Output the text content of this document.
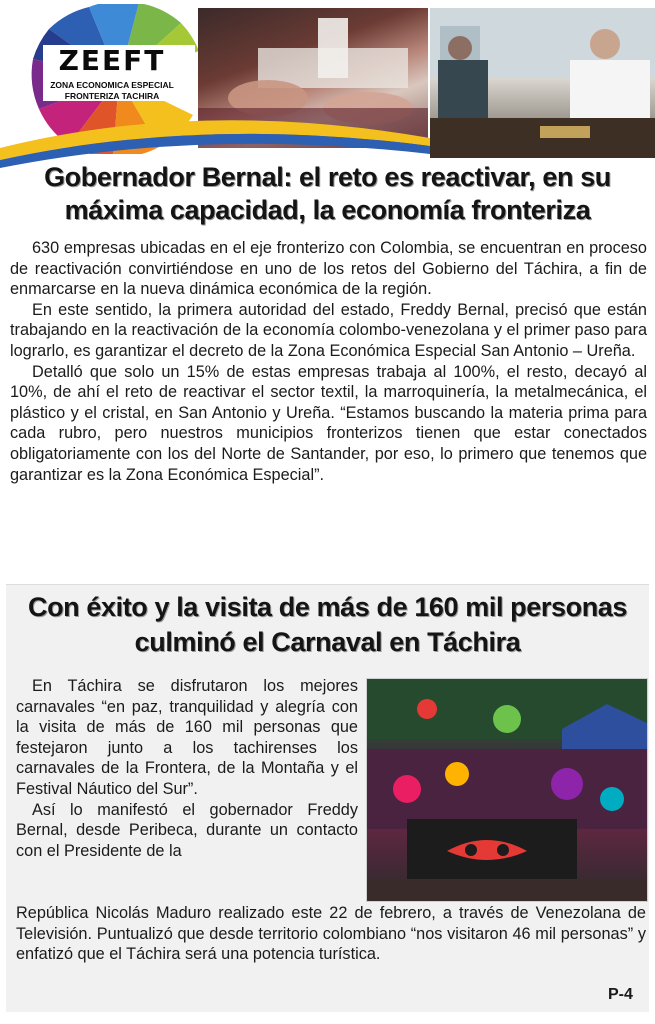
ZEEFT
ZONA ECONOMICA ESPECIAL
FRONTERIZA TACHIRA
Gobernador Bernal: el reto es reactivar, en su
máxima capacidad, la economía fronteriza

630 empresas ubicadas en el eje fronterizo con Colombia, se encuentran en proceso de reactivación convirtiéndose en uno de los retos del Gobierno del Táchira, a fin de enmarcarse en la nueva dinámica económica de la región.

En este sentido, la primera autoridad del estado, Freddy Bernal, precisó que están trabajando en la reactivación de la economía colombo-venezolana y el primer paso para lograrlo, es garantizar el decreto de la Zona Económica Especial San Antonio – Ureña.

Detalló que solo un 15% de estas empresas trabaja al 100%, el resto, decayó al 10%, de ahí el reto de reactivar el sector textil, la marroquinería, la metalmecánica, el plástico y el cristal, en San Antonio y Ureña. “Estamos buscando la materia prima para cada rubro, pero nuestros municipios fronterizos tienen que estar conectados obligatoriamente con los del Norte de Santander, por eso, lo primero que tenemos que garantizar es la Zona Económica Especial”.

Con éxito y la visita de más de 160 mil personas
culminó el Carnaval en Táchira

En Táchira se disfrutaron los mejores carnavales “en paz, tranquilidad y alegría con la visita de más de 160 mil personas que festejaron junto a los tachirenses los carnavales de la Frontera, de la Montaña y el Festival Náutico del Sur”.

Así lo manifestó el gobernador Freddy Bernal, desde Peribeca, durante un contacto con el Presidente de la

República Nicolás Maduro realizado este 22 de febrero, a través de Venezolana de Televisión. Puntualizó que desde territorio colombiano “nos visitaron 46 mil personas” y enfatizó que el Táchira será una potencia turística.
P-4
